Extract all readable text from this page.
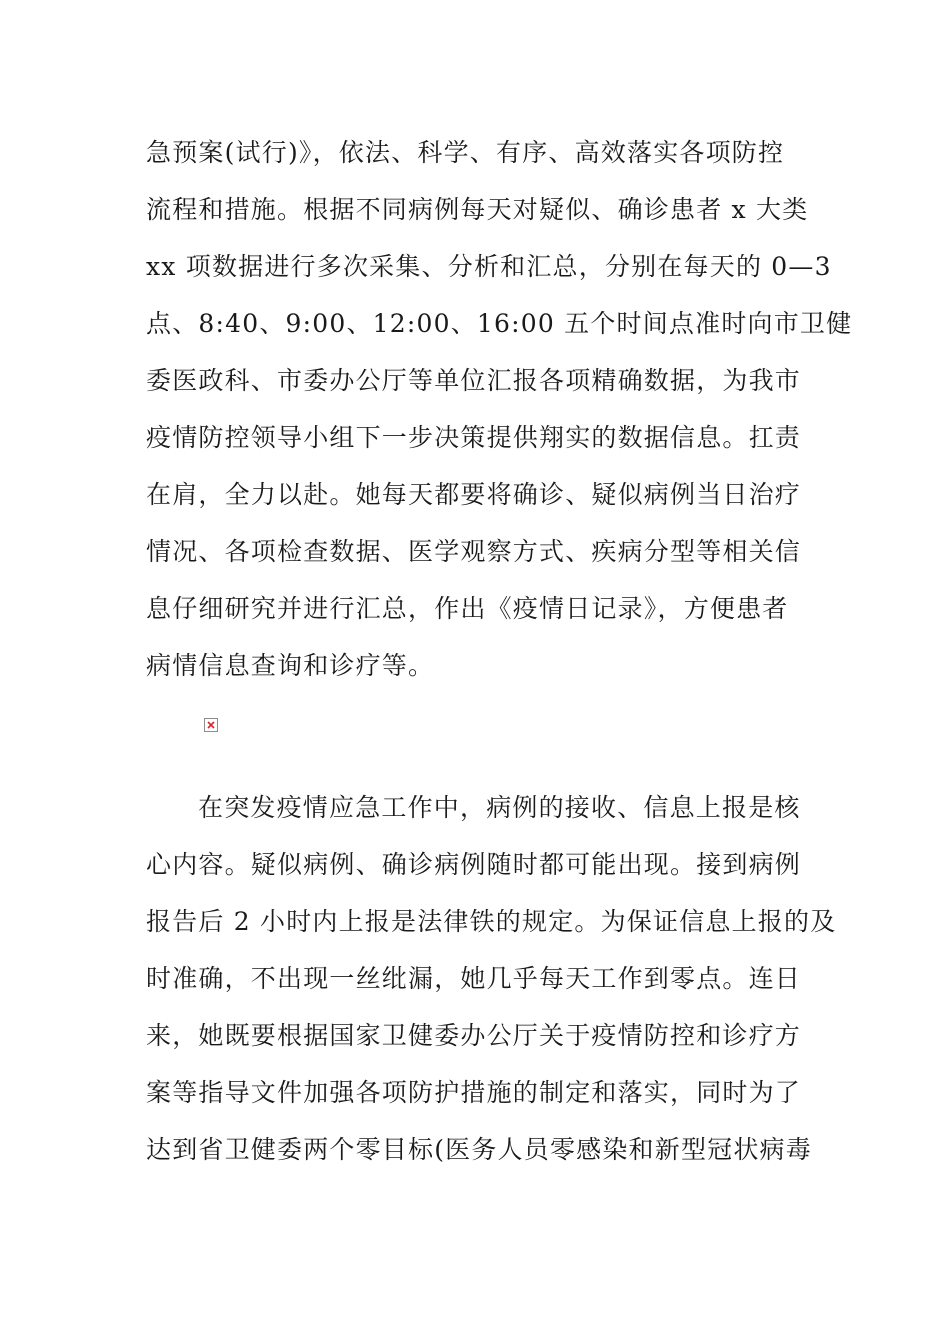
急预案(试行)》，依法、科学、有序、高效落实各项防控
流程和措施。根据不同病例每天对疑似、确诊患者 x 大类
xx 项数据进行多次采集、分析和汇总，分别在每天的 0—3
点、8:40、9:00、12:00、16:00 五个时间点准时向市卫健
委医政科、市委办公厅等单位汇报各项精确数据，为我市
疫情防控领导小组下一步决策提供翔实的数据信息。扛责
在肩，全力以赴。她每天都要将确诊、疑似病例当日治疗
情况、各项检查数据、医学观察方式、疾病分型等相关信
息仔细研究并进行汇总，作出《疫情日记录》，方便患者
病情信息查询和诊疗等。
在突发疫情应急工作中，病例的接收、信息上报是核
心内容。疑似病例、确诊病例随时都可能出现。接到病例
报告后 2 小时内上报是法律铁的规定。为保证信息上报的及
时准确，不出现一丝纰漏，她几乎每天工作到零点。连日
来，她既要根据国家卫健委办公厅关于疫情防控和诊疗方
案等指导文件加强各项防护措施的制定和落实，同时为了
达到省卫健委两个零目标(医务人员零感染和新型冠状病毒
